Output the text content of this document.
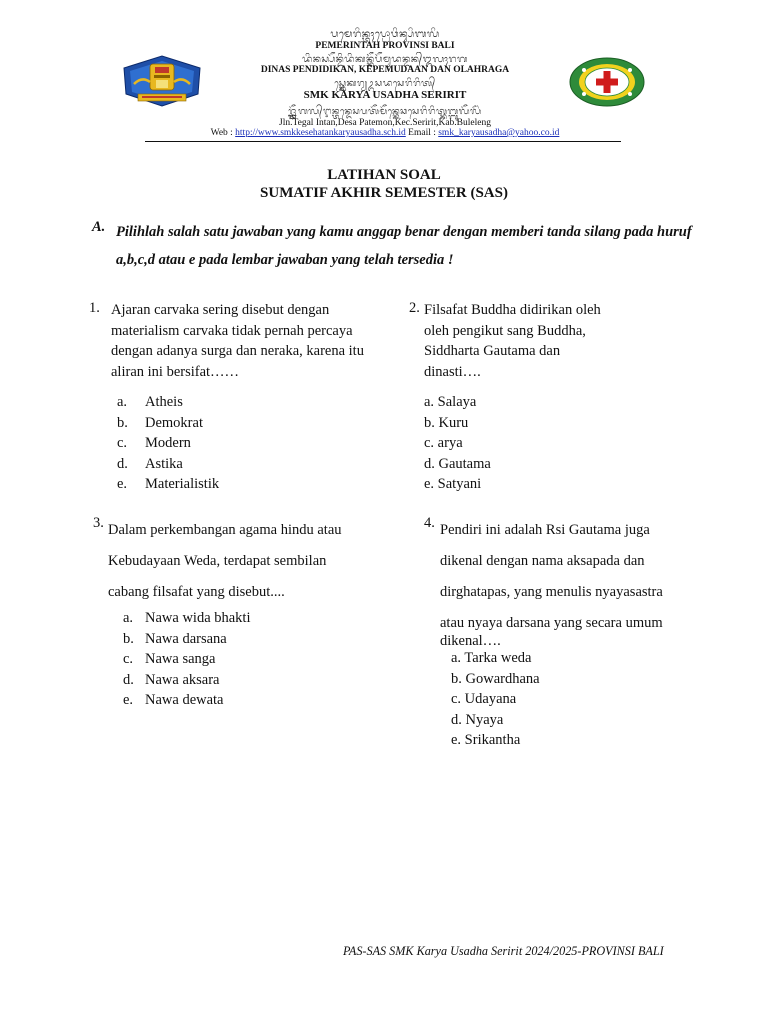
ᬧᬫᬾᬭᬶᬦ᭄ᬢᬄᬧ᭄ᬭᭀᬯᬶᬦ᭄ᬲᬶᬩᬮᬶ
PEMERINTAH PROVINSI BALI
ᬤᬶᬦᬲ᭄ᬧᭂᬦ᭄ᬤᬶᬤᬶᬓᬦ᭄ᬓᭂᬧᭂᬫᬸᬤᬦ᭄ᬤᬦ᭄ᬑᬮᬄᬭᬕ
DINAS PENDIDIKAN, KEPEMUDAAN DAN OLAHRAGA
ᬲ᭄ᬫ᭄ᬓᬾᬓᬭ᭄ᬬᬉᬲᬤᬲᬾᬭᬶᬭᬶᬢ᭄
SMK KARYA USADHA SERIRIT
ᬚ᭄ᬮ᭄ᬦ᭄ᬢᭂᬕᬮ᭄ᬇᬦ᭄ᬢᬦ᭄ᬤᬾᬲᬧᬢᭂᬫᭂᬦ᭄ᬓᬾᬘᬲᬾᬭᬶᬭᬶᬢ᭄ᬓᬩ᭄ᬩᬸᬮᭂᬮᭂᬂ
Jln.Tegal Intan,Desa Patemon,Kec.Seririt,Kab.Buleleng
Web : http://www.smkkesehatankaryausadha.sch.id Email : smk_karyausadha@yahoo.co.id
LATIHAN SOAL
SUMATIF AKHIR SEMESTER (SAS)
A. Pilihlah salah satu jawaban yang kamu anggap benar dengan memberi tanda silang pada huruf a,b,c,d atau e pada lembar jawaban yang telah tersedia !
1. Ajaran carvaka sering disebut dengan
materialism carvaka tidak pernah percaya
dengan adanya surga dan neraka, karena itu
aliran ini bersifat……
a. Atheis
b. Demokrat
c. Modern
d. Astika
e. Materialistik
2. Filsafat Buddha didirikan oleh
oleh pengikut sang Buddha,
Siddharta Gautama dan
dinasti….
a. Salaya
b. Kuru
c. arya
d. Gautama
e. Satyani
3. Dalam perkembangan agama hindu atau
Kebudayaan Weda, terdapat sembilan
cabang filsafat yang disebut....
a. Nawa wida bhakti
b. Nawa darsana
c. Nawa sanga
d. Nawa aksara
e. Nawa dewata
4. Pendiri ini adalah Rsi Gautama juga
dikenal dengan nama aksapada dan
dirghatapas, yang menulis nyayasastra
atau nyaya darsana yang secara umum
dikenal….
a. Tarka weda
b. Gowardhana
c. Udayana
d. Nyaya
e. Srikantha
PAS-SAS SMK Karya Usadha Seririt 2024/2025-PROVINSI BALI
